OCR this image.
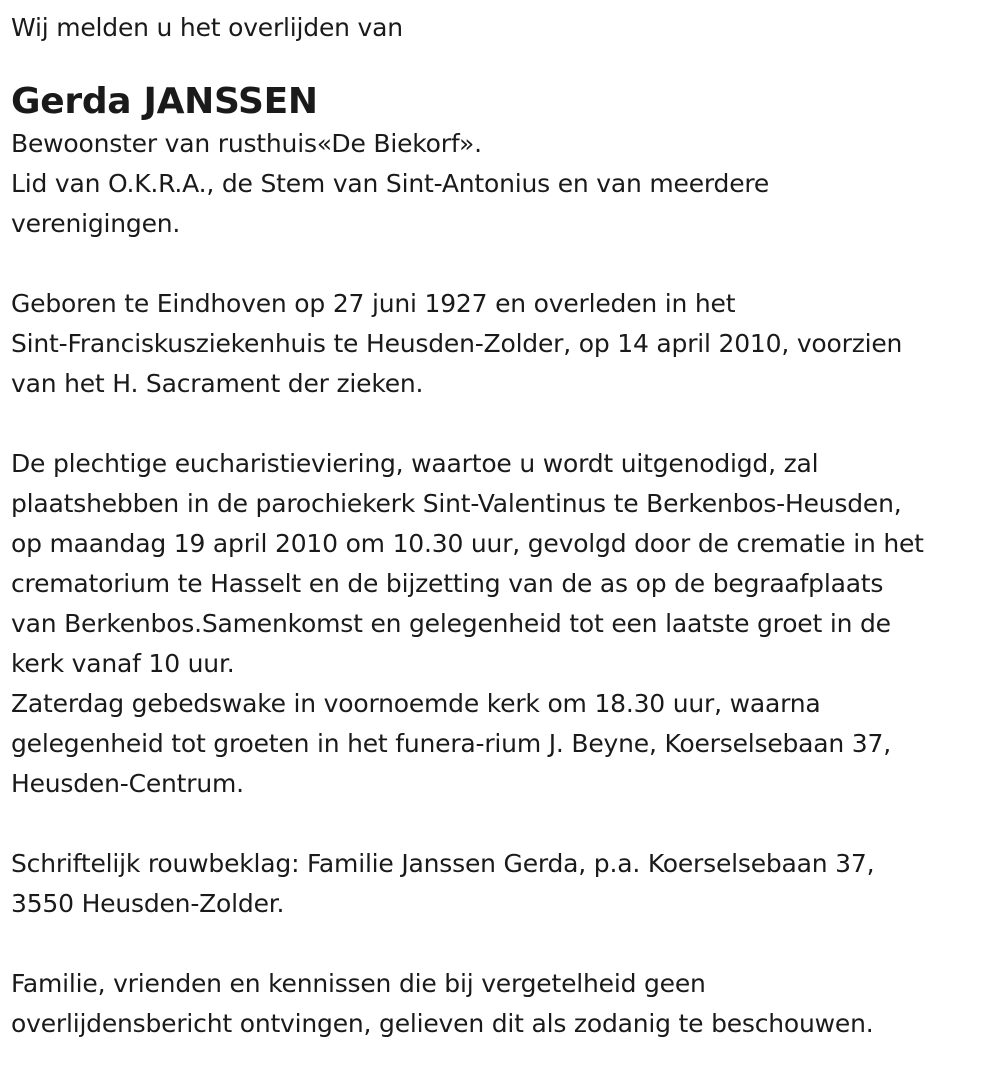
Wij melden u het overlijden van
Gerda JANSSEN
Bewoonster van rusthuis«De Biekorf».
Lid van O.K.R.A., de Stem van Sint-Antonius en van meerdere
verenigingen.
Geboren te Eindhoven op 27 juni 1927 en overleden in het
Sint-Franciskusziekenhuis te Heusden-Zolder, op 14 april 2010, voorzien
van het H. Sacrament der zieken.
De plechtige eucharistieviering, waartoe u wordt uitgenodigd, zal
plaatshebben in de parochiekerk Sint-Valentinus te Berkenbos-Heusden,
op maandag 19 april 2010 om 10.30 uur, gevolgd door de crematie in het
crematorium te Hasselt en de bijzetting van de as op de begraafplaats
van Berkenbos.Samenkomst en gelegenheid tot een laatste groet in de
kerk vanaf 10 uur.
Zaterdag gebedswake in voornoemde kerk om 18.30 uur, waarna
gelegenheid tot groeten in het funera-rium J. Beyne, Koerselsebaan 37,
Heusden-Centrum.
Schriftelijk rouwbeklag: Familie Janssen Gerda, p.a. Koerselsebaan 37,
3550 Heusden-Zolder.
Familie, vrienden en kennissen die bij vergetelheid geen
overlijdensbericht ontvingen, gelieven dit als zodanig te beschouwen.
